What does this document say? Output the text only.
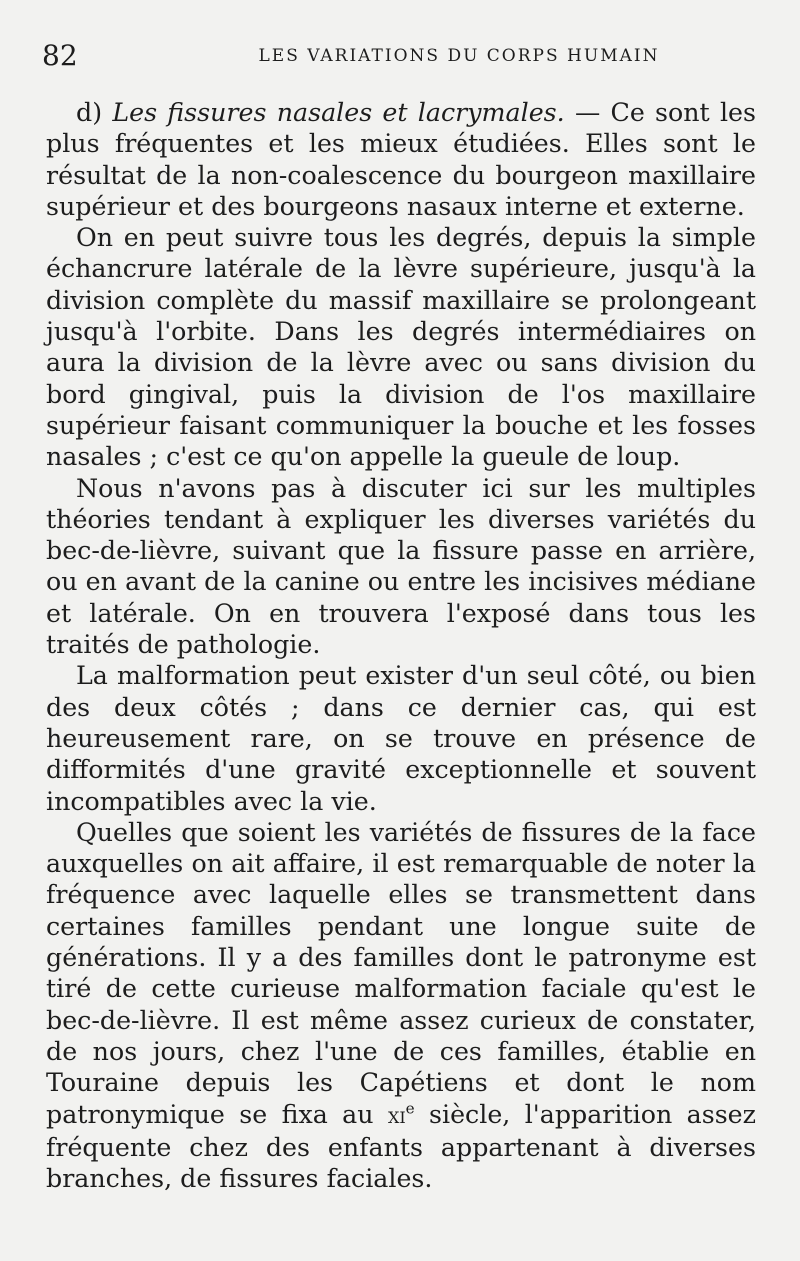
82	LES VARIATIONS DU CORPS HUMAIN

d) Les fissures nasales et lacrymales. — Ce sont les plus fréquentes et les mieux étudiées. Elles sont le résultat de la non-coalescence du bourgeon maxillaire supérieur et des bourgeons nasaux interne et externe.

On en peut suivre tous les degrés, depuis la simple échancrure latérale de la lèvre supérieure, jusqu'à la division complète du massif maxillaire se prolongeant jusqu'à l'orbite. Dans les degrés intermédiaires on aura la division de la lèvre avec ou sans division du bord gingival, puis la division de l'os maxillaire supérieur faisant communiquer la bouche et les fosses nasales ; c'est ce qu'on appelle la gueule de loup.

Nous n'avons pas à discuter ici sur les multiples théories tendant à expliquer les diverses variétés du bec-de-lièvre, suivant que la fissure passe en arrière, ou en avant de la canine ou entre les incisives médiane et latérale. On en trouvera l'exposé dans tous les traités de pathologie.

La malformation peut exister d'un seul côté, ou bien des deux côtés ; dans ce dernier cas, qui est heureusement rare, on se trouve en présence de difformités d'une gravité exceptionnelle et souvent incompatibles avec la vie.

Quelles que soient les variétés de fissures de la face auxquelles on ait affaire, il est remarquable de noter la fréquence avec laquelle elles se transmettent dans certaines familles pendant une longue suite de générations. Il y a des familles dont le patronyme est tiré de cette curieuse malformation faciale qu'est le bec-de-lièvre. Il est même assez curieux de constater, de nos jours, chez l'une de ces familles, établie en Touraine depuis les Capétiens et dont le nom patronymique se fixa au $xi^e$ siècle, l'apparition assez fréquente chez des enfants appartenant à diverses branches, de fissures faciales.
